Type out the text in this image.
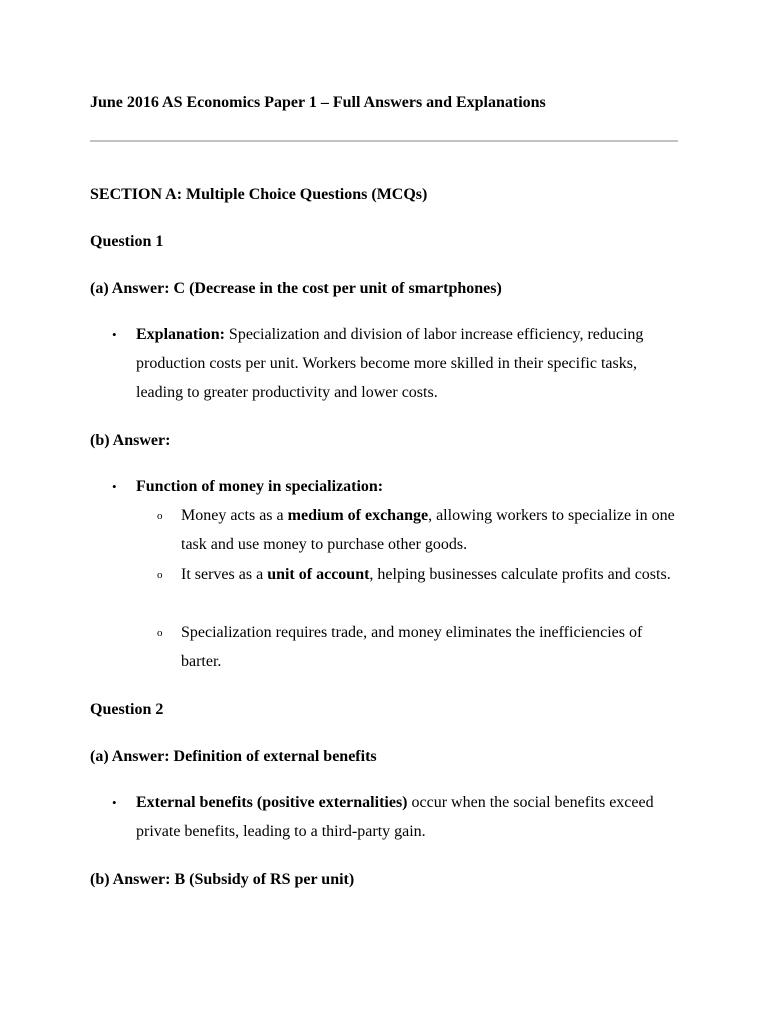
June 2016 AS Economics Paper 1 – Full Answers and Explanations
SECTION A: Multiple Choice Questions (MCQs)
Question 1
(a) Answer: C (Decrease in the cost per unit of smartphones)
• Explanation: Specialization and division of labor increase efficiency, reducing production costs per unit. Workers become more skilled in their specific tasks, leading to greater productivity and lower costs.
(b) Answer:
• Function of money in specialization:
o Money acts as a medium of exchange, allowing workers to specialize in one task and use money to purchase other goods.
o It serves as a unit of account, helping businesses calculate profits and costs.
o Specialization requires trade, and money eliminates the inefficiencies of barter.
Question 2
(a) Answer: Definition of external benefits
• External benefits (positive externalities) occur when the social benefits exceed private benefits, leading to a third-party gain.
(b) Answer: B (Subsidy of RS per unit)
